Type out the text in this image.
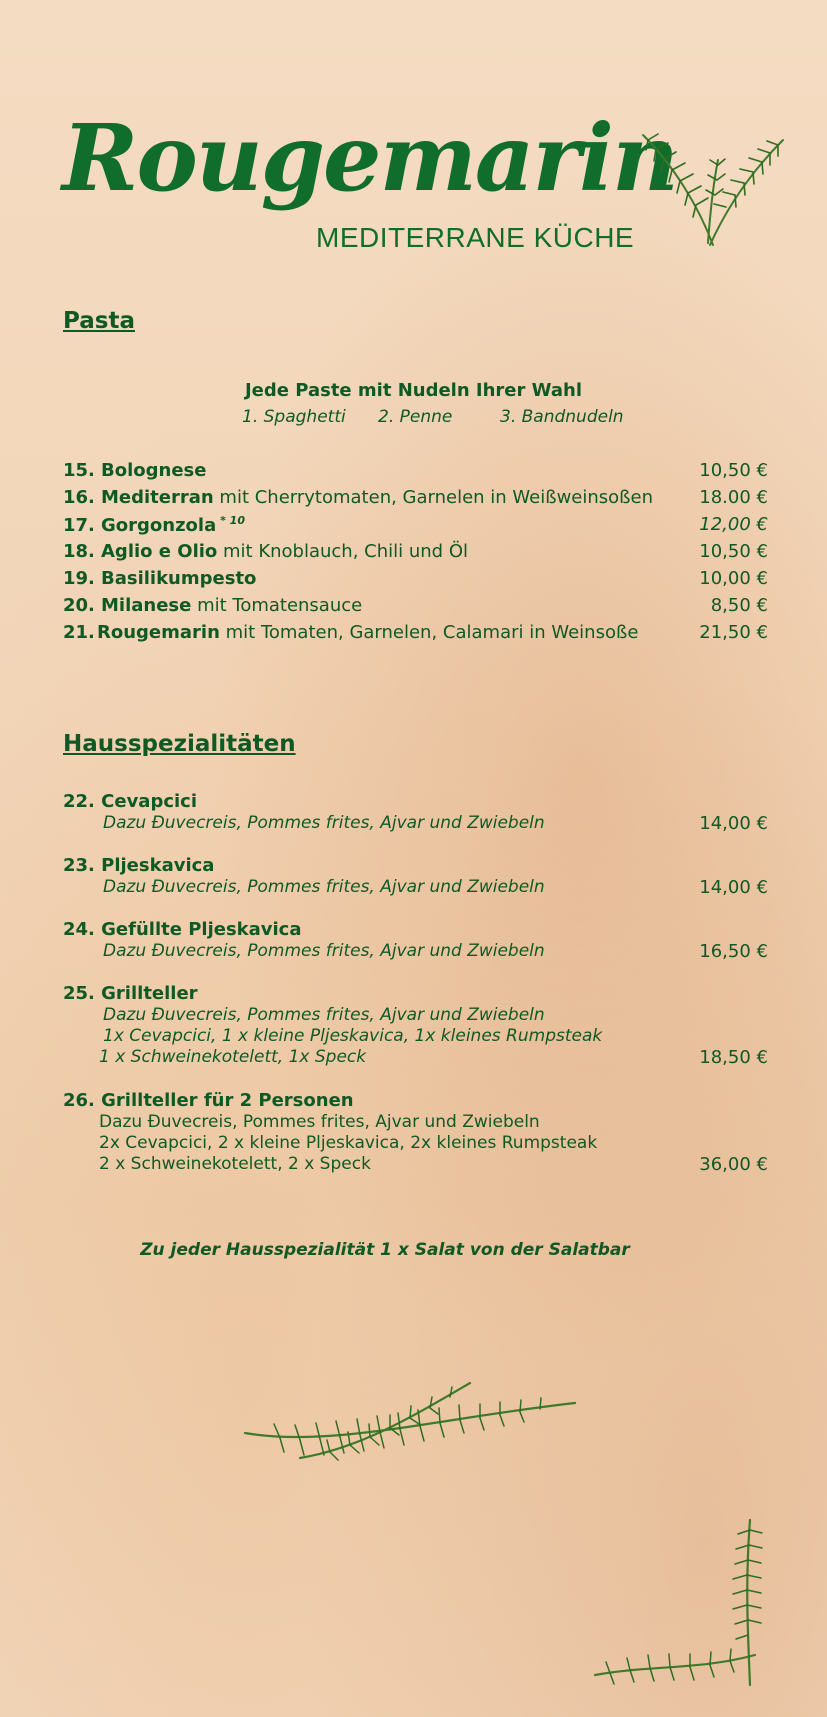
Rougemarin
MEDITERRANE KÜCHE
Pasta
Jede Paste mit Nudeln Ihrer Wahl
1. Spaghetti	2. Penne	3. Bandnudeln
15. Bolognese	10,50 €
16. Mediterran mit Cherrytomaten, Garnelen in Weißweinsoßen	18.00 €
17. Gorgonzola $^{* 10}$	12,00 €
18. Aglio e Olio mit Knoblauch, Chili und Öl	10,50 €
19. Basilikumpesto	10,00 €
20. Milanese mit Tomatensauce	8,50 €
21. Rougemarin mit Tomaten, Garnelen, Calamari in Weinsoße	21,50 €
Hausspezialitäten
22. Cevapcici
Dazu Đuvecreis, Pommes frites, Ajvar und Zwiebeln	14,00 €
23. Pljeskavica
Dazu Đuvecreis, Pommes frites, Ajvar und Zwiebeln	14,00 €
24. Gefüllte Pljeskavica
Dazu Đuvecreis, Pommes frites, Ajvar und Zwiebeln	16,50 €
25. Grillteller
Dazu Đuvecreis, Pommes frites, Ajvar und Zwiebeln
1x Cevapcici, 1 x kleine Pljeskavica, 1x kleines Rumpsteak
1 x Schweinekotelett, 1x Speck	18,50 €
26. Grillteller für 2 Personen
Dazu Đuvecreis, Pommes frites, Ajvar und Zwiebeln
2x Cevapcici, 2 x kleine Pljeskavica, 2x kleines Rumpsteak
2 x Schweinekotelett, 2 x Speck	36,00 €
Zu jeder Hausspezialität 1 x Salat von der Salatbar
